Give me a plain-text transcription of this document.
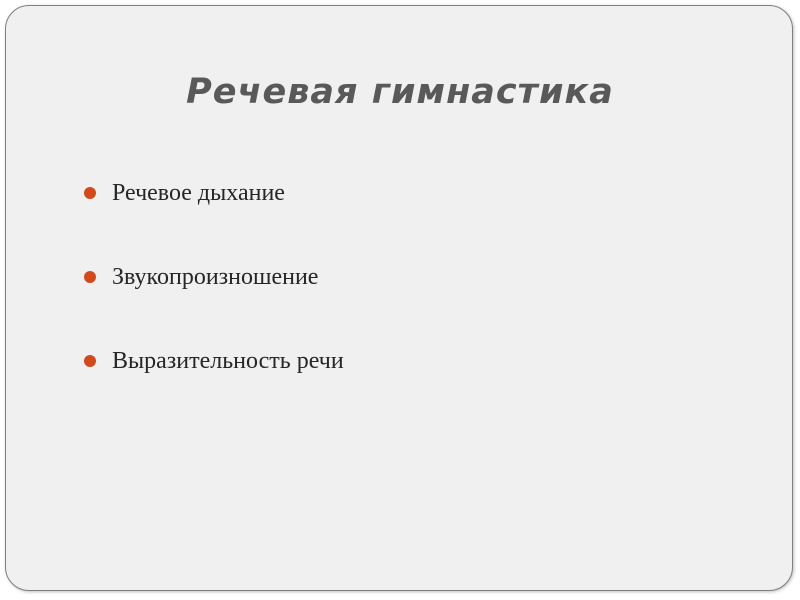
Речевая гимнастика
Речевое дыхание
Звукопроизношение
Выразительность речи
